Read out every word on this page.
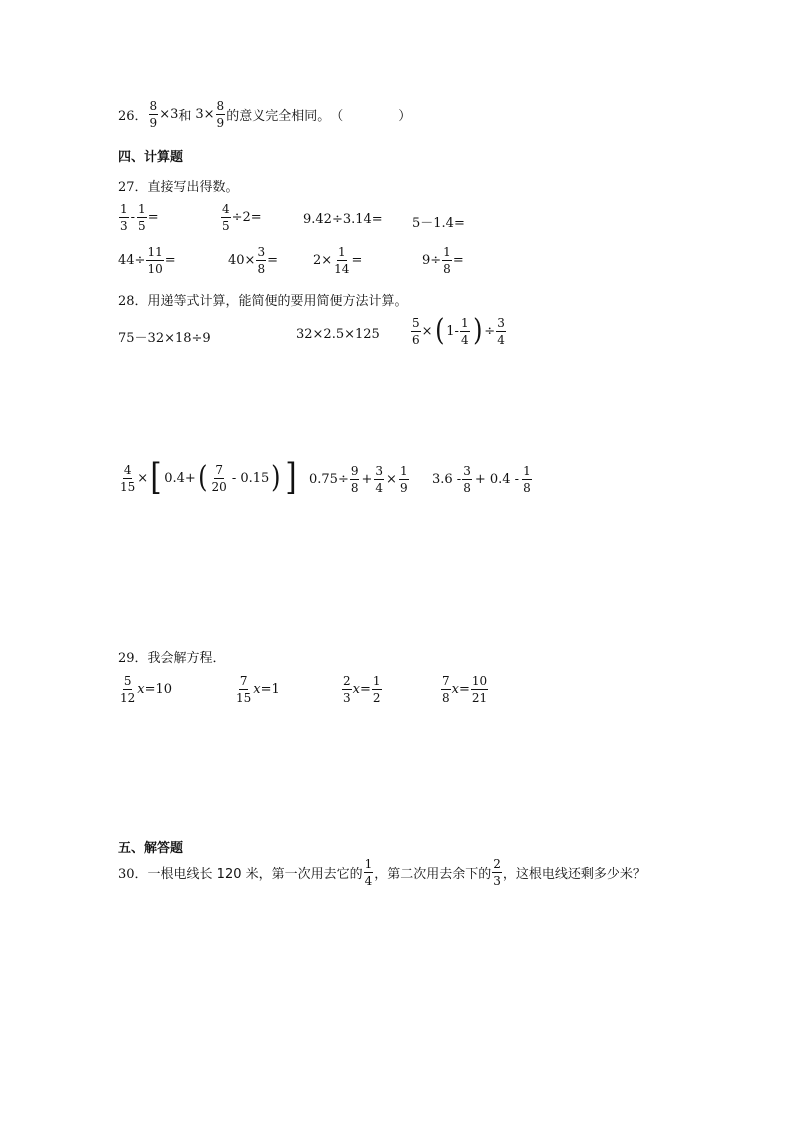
26． $\frac{8}{9} \times 3$ 和 $3\times \frac{8}{9}$ 的意义完全相同。 （	）
四、计算题
27． 直接写出得数。
$\frac{1}{3} - \frac{1}{5}$ =	$\frac{4}{5} \div 2=$	9.42÷3.14= 5－1.4=
$44\div \frac{11}{10}$ =	$40\times \frac{3}{8}$ =	$2\times \frac{1}{14}$ =	$9\div \frac{1}{8}$ =
28． 用递等式计算，能简便的要用简便方法计算。
75－32×18÷9	32×2.5×125	$\frac{5}{6}$ × ( $1- \frac{1}{4}$ ) ÷ $\frac{3}{4}$
$\frac{4}{15}$ × [ 0.4+ ( $\frac{7}{20} - 0.15$ ) ] $0.75\div \frac{9}{8} + \frac{3}{4} \times \frac{1}{9} 3.6 - \frac{3}{8} + 0.4 - \frac{1}{8}$
29． 我会解方程．
$\frac{5}{12}$ x =10	$\frac{7}{15}$ x =1	$\frac{2}{3}$ $x = \frac{1}{2}$	$\frac{7}{8}$ $x = \frac{10}{21}$
五、解答题
30． 一根电线长 120 米，第一次用去它的 $\frac{1}{4}$ ，第二次用去余下的 $\frac{2}{3}$ ，这根电线还剩多少米？
